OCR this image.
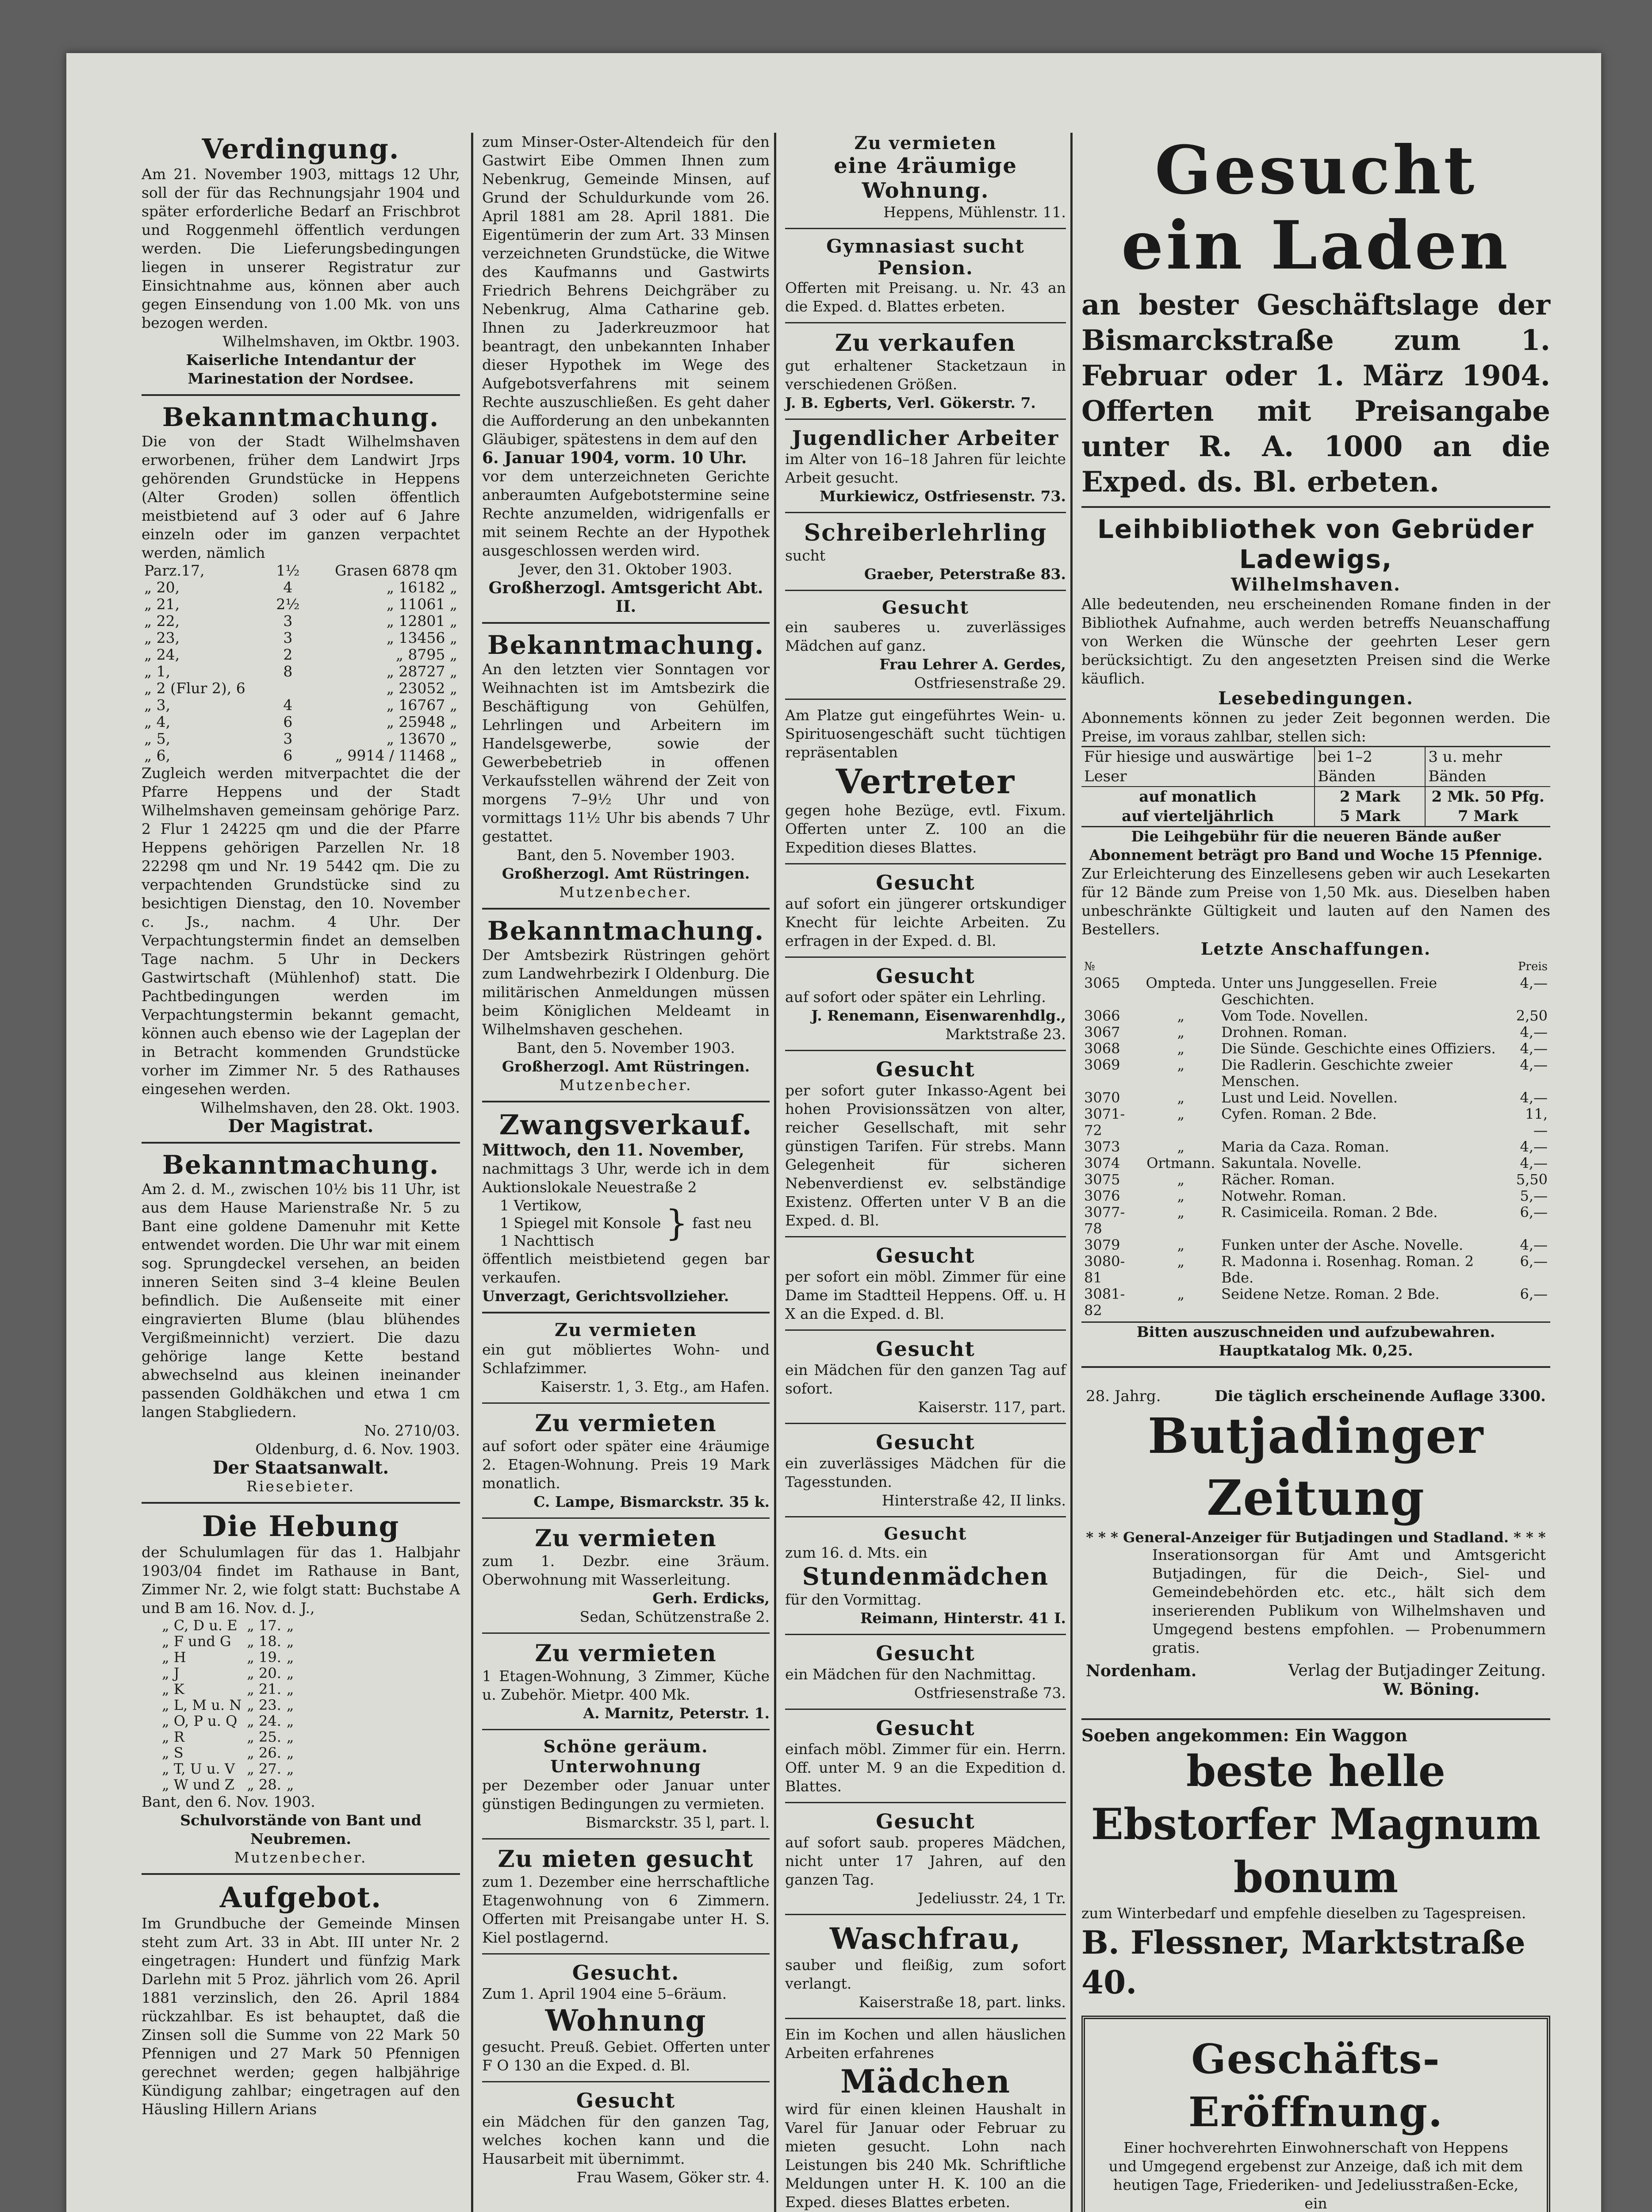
Verdingung.

Am 21. November 1903, mittags 12 Uhr, soll der für das Rechnungsjahr 1904 und später erforderliche Bedarf an Frischbrot und Roggenmehl öffentlich verdungen werden. Die Lieferungsbedingungen liegen in unserer Registratur zur Einsichtnahme aus, können aber auch gegen Einsendung von 1.00 Mk. von uns bezogen werden.

Wilhelmshaven, im Oktbr. 1903.

Kaiserliche Intendantur der Marinestation der Nordsee.

Bekanntmachung.

Die von der Stadt Wilhelmshaven erworbenen, früher dem Landwirt Jrps gehörenden Grundstücke in Heppens (Alter Groden) sollen öffentlich meistbietend auf 3 oder auf 6 Jahre einzeln oder im ganzen verpachtet werden, nämlich

Parz.17,	1½	Grasen 6878 qm
„ 20,	4	„ 16182 „
„ 21,	2½	„ 11061 „
„ 22,	3	„ 12801 „
„ 23,	3	„ 13456 „
„ 24,	2	„ 8795 „
„ 1,	8	„ 28727 „
„ 2 (Flur 2), 6		„ 23052 „
„ 3,	4	„ 16767 „
„ 4,	6	„ 25948 „
„ 5,	3	„ 13670 „
„ 6,	6	„ 9914 / 11468 „

Zugleich werden mitverpachtet die der Pfarre Heppens und der Stadt Wilhelmshaven gemeinsam gehörige Parz. 2 Flur 1 24225 qm und die der Pfarre Heppens gehörigen Parzellen Nr. 18 22298 qm und Nr. 19 5442 qm. Die zu verpachtenden Grundstücke sind zu besichtigen Dienstag, den 10. November c. Js., nachm. 4 Uhr. Der Verpachtungstermin findet an demselben Tage nachm. 5 Uhr in Deckers Gastwirtschaft (Mühlenhof) statt. Die Pachtbedingungen werden im Verpachtungstermin bekannt gemacht, können auch ebenso wie der Lageplan der in Betracht kommenden Grundstücke vorher im Zimmer Nr. 5 des Rathauses eingesehen werden.

Wilhelmshaven, den 28. Okt. 1903.

Der Magistrat.

Bekanntmachung.

Am 2. d. M., zwischen 10½ bis 11 Uhr, ist aus dem Hause Marienstraße Nr. 5 zu Bant eine goldene Damenuhr mit Kette entwendet worden. Die Uhr war mit einem sog. Sprungdeckel versehen, an beiden inneren Seiten sind 3–4 kleine Beulen befindlich. Die Außenseite mit einer eingravierten Blume (blau blühendes Vergißmeinnicht) verziert. Die dazu gehörige lange Kette bestand abwechselnd aus kleinen ineinander passenden Goldhäkchen und etwa 1 cm langen Stabgliedern.

No. 2710/03.

Oldenburg, d. 6. Nov. 1903.

Der Staatsanwalt.

Riesebieter.

Die Hebung

der Schulumlagen für das 1. Halbjahr 1903/04 findet im Rathause in Bant, Zimmer Nr. 2, wie folgt statt: Buchstabe A und B am 16. Nov. d. J.,

„ C, D u. E	„ 17.	„
„ F und G	„ 18.	„
„ H	„ 19.	„
„ J	„ 20.	„
„ K	„ 21.	„
„ L, M u. N	„ 23.	„
„ O, P u. Q	„ 24.	„
„ R	„ 25.	„
„ S	„ 26.	„
„ T, U u. V	„ 27.	„
„ W und Z	„ 28.	„

Bant, den 6. Nov. 1903.

Schulvorstände von Bant und Neubremen.

Mutzenbecher.

Aufgebot.

Im Grundbuche der Gemeinde Minsen steht zum Art. 33 in Abt. III unter Nr. 2 eingetragen: Hundert und fünfzig Mark Darlehn mit 5 Proz. jährlich vom 26. April 1881 verzinslich, den 26. April 1884 rückzahlbar. Es ist behauptet, daß die Zinsen soll die Summe von 22 Mark 50 Pfennigen und 27 Mark 50 Pfennigen gerechnet werden; gegen halbjährige Kündigung zahlbar; eingetragen auf den Häusling Hillern Arians

zum Minser-Oster-Altendeich für den Gastwirt Eibe Ommen Ihnen zum Nebenkrug, Gemeinde Minsen, auf Grund der Schuldurkunde vom 26. April 1881 am 28. April 1881. Die Eigentümerin der zum Art. 33 Minsen verzeichneten Grundstücke, die Witwe des Kaufmanns und Gastwirts Friedrich Behrens Deichgräber zu Nebenkrug, Alma Catharine geb. Ihnen zu Jaderkreuzmoor hat beantragt, den unbekannten Inhaber dieser Hypothek im Wege des Aufgebotsverfahrens mit seinem Rechte auszuschließen. Es geht daher die Aufforderung an den unbekannten Gläubiger, spätestens in dem auf den

6. Januar 1904, vorm. 10 Uhr.

vor dem unterzeichneten Gerichte anberaumten Aufgebotstermine seine Rechte anzumelden, widrigenfalls er mit seinem Rechte an der Hypothek ausgeschlossen werden wird.

Jever, den 31. Oktober 1903.

Großherzogl. Amtsgericht Abt. II.

Bekanntmachung.

An den letzten vier Sonntagen vor Weihnachten ist im Amtsbezirk die Beschäftigung von Gehülfen, Lehrlingen und Arbeitern im Handelsgewerbe, sowie der Gewerbebetrieb in offenen Verkaufsstellen während der Zeit von morgens 7–9½ Uhr und von vormittags 11½ Uhr bis abends 7 Uhr gestattet.

Bant, den 5. November 1903.

Großherzogl. Amt Rüstringen.

Mutzenbecher.

Bekanntmachung.

Der Amtsbezirk Rüstringen gehört zum Landwehrbezirk I Oldenburg. Die militärischen Anmeldungen müssen beim Königlichen Meldeamt in Wilhelmshaven geschehen.

Bant, den 5. November 1903.

Großherzogl. Amt Rüstringen.

Mutzenbecher.

Zwangsverkauf.

Mittwoch, den 11. November,

nachmittags 3 Uhr, werde ich in dem Auktionslokale Neuestraße 2

1 Vertikow,
1 Spiegel mit Konsole
1 Nachttisch	} fast neu

öffentlich meistbietend gegen bar verkaufen.

Unverzagt, Gerichtsvollzieher.

Zu vermieten

ein gut möbliertes Wohn- und Schlafzimmer.

Kaiserstr. 1, 3. Etg., am Hafen.

Zu vermieten

auf sofort oder später eine 4räumige 2. Etagen-Wohnung. Preis 19 Mark monatlich.

C. Lampe, Bismarckstr. 35 k.

Zu vermieten

zum 1. Dezbr. eine 3räum. Oberwohnung mit Wasserleitung.

Gerh. Erdicks,

Sedan, Schützenstraße 2.

Zu vermieten

1 Etagen-Wohnung, 3 Zimmer, Küche u. Zubehör. Mietpr. 400 Mk.

A. Marnitz, Peterstr. 1.

Schöne geräum. Unterwohnung

per Dezember oder Januar unter günstigen Bedingungen zu vermieten.

Bismarckstr. 35 l, part. l.

Zu mieten gesucht

zum 1. Dezember eine herrschaftliche Etagenwohnung von 6 Zimmern. Offerten mit Preisangabe unter H. S. Kiel postlagernd.

Gesucht.

Zum 1. April 1904 eine 5–6räum.

Wohnung

gesucht. Preuß. Gebiet. Offerten unter F O 130 an die Exped. d. Bl.

Gesucht

ein Mädchen für den ganzen Tag, welches kochen kann und die Hausarbeit mit übernimmt.

Frau Wasem, Göker str. 4.

Zu vermieten
eine 4räumige Wohnung.

Heppens, Mühlenstr. 11.

Gymnasiast sucht Pension.

Offerten mit Preisang. u. Nr. 43 an die Exped. d. Blattes erbeten.

Zu verkaufen

gut erhaltener Stacketzaun in verschiedenen Größen.

J. B. Egberts, Verl. Gökerstr. 7.

Jugendlicher Arbeiter

im Alter von 16–18 Jahren für leichte Arbeit gesucht.

Murkiewicz, Ostfriesenstr. 73.

Schreiberlehrling

sucht

Graeber, Peterstraße 83.

Gesucht

ein sauberes u. zuverlässiges Mädchen auf ganz.

Frau Lehrer A. Gerdes,

Ostfriesenstraße 29.

Am Platze gut eingeführtes Wein- u. Spirituosengeschäft sucht tüchtigen repräsentablen

Vertreter

gegen hohe Bezüge, evtl. Fixum. Offerten unter Z. 100 an die Expedition dieses Blattes.

Gesucht

auf sofort ein jüngerer ortskundiger Knecht für leichte Arbeiten. Zu erfragen in der Exped. d. Bl.

Gesucht

auf sofort oder später ein Lehrling.

J. Renemann, Eisenwarenhdlg.,

Marktstraße 23.

Gesucht

per sofort guter Inkasso-Agent bei hohen Provisionssätzen von alter, reicher Gesellschaft, mit sehr günstigen Tarifen. Für strebs. Mann Gelegenheit für sicheren Nebenverdienst ev. selbständige Existenz. Offerten unter V B an die Exped. d. Bl.

Gesucht

per sofort ein möbl. Zimmer für eine Dame im Stadtteil Heppens. Off. u. H X an die Exped. d. Bl.

Gesucht

ein Mädchen für den ganzen Tag auf sofort.

Kaiserstr. 117, part.

Gesucht

ein zuverlässiges Mädchen für die Tagesstunden.

Hinterstraße 42, II links.

Gesucht

zum 16. d. Mts. ein

Stundenmädchen

für den Vormittag.

Reimann, Hinterstr. 41 I.

Gesucht

ein Mädchen für den Nachmittag.

Ostfriesenstraße 73.

Gesucht

einfach möbl. Zimmer für ein. Herrn. Off. unter M. 9 an die Expedition d. Blattes.

Gesucht

auf sofort saub. properes Mädchen, nicht unter 17 Jahren, auf den ganzen Tag.

Jedeliusstr. 24, 1 Tr.

Waschfrau,

sauber und fleißig, zum sofort verlangt.

Kaiserstraße 18, part. links.

Ein im Kochen und allen häuslichen Arbeiten erfahrenes

Mädchen

wird für einen kleinen Haushalt in Varel für Januar oder Februar zu mieten gesucht. Lohn nach Leistungen bis 240 Mk. Schriftliche Meldungen unter H. K. 100 an die Exped. dieses Blattes erbeten.

Gesucht ein Laden

an bester Geschäftslage der Bismarckstraße zum 1. Februar oder 1. März 1904. Offerten mit Preisangabe unter R. A. 1000 an die Exped. ds. Bl. erbeten.

Leihbibliothek von Gebrüder Ladewigs,
Wilhelmshaven.

Alle bedeutenden, neu erscheinenden Romane finden in der Bibliothek Aufnahme, auch werden betreffs Neuanschaffung von Werken die Wünsche der geehrten Leser gern berücksichtigt. Zu den angesetzten Preisen sind die Werke käuflich.

Lesebedingungen.

Abonnements können zu jeder Zeit begonnen werden. Die Preise, im voraus zahlbar, stellen sich:

Für hiesige und auswärtige Leser	bei 1–2 Bänden	3 u. mehr Bänden
auf monatlich	2 Mark	2 Mk. 50 Pfg.
auf vierteljährlich	5 Mark	7 Mark

Die Leihgebühr für die neueren Bände außer Abonnement beträgt pro Band und Woche 15 Pfennige.

Zur Erleichterung des Einzellesens geben wir auch Lesekarten für 12 Bände zum Preise von 1,50 Mk. aus. Dieselben haben unbeschränkte Gültigkeit und lauten auf den Namen des Bestellers.

Letzte Anschaffungen.
№			Preis
3065	Ompteda.	Unter uns Junggesellen. Freie Geschichten.	4,—
3066	„	Vom Tode. Novellen.	2,50
3067	„	Drohnen. Roman.	4,—
3068	„	Die Sünde. Geschichte eines Offiziers.	4,—
3069	„	Die Radlerin. Geschichte zweier Menschen.	4,—
3070	„	Lust und Leid. Novellen.	4,—
3071-72	„	Cyfen. Roman. 2 Bde.	11,—
3073	„	Maria da Caza. Roman.	4,—
3074	Ortmann.	Sakuntala. Novelle.	4,—
3075	„	Rächer. Roman.	5,50
3076	„	Notwehr. Roman.	5,—
3077-78	„	R. Casimiceila. Roman. 2 Bde.	6,—
3079	„	Funken unter der Asche. Novelle.	4,—
3080-81	„	R. Madonna i. Rosenhag. Roman. 2 Bde.	6,—
3081-82	„	Seidene Netze. Roman. 2 Bde.	6,—

Bitten auszuschneiden und aufzubewahren.

Hauptkatalog Mk. 0,25.

28. Jahrg.	Die täglich erscheinende Auflage 3300.
Butjadinger Zeitung
* * * General-Anzeiger für Butjadingen und Stadland. * * *

Inserationsorgan für Amt und Amtsgericht Butjadingen, für die Deich-, Siel- und Gemeindebehörden etc. etc., hält sich dem inserierenden Publikum von Wilhelmshaven und Umgegend bestens empfohlen. — Probenummern gratis.

Nordenham.	Verlag der Butjadinger Zeitung.
W. Böning.

Soeben angekommen: Ein Waggon

beste helle Ebstorfer Magnum bonum

zum Winterbedarf und empfehle dieselben zu Tagespreisen.

B. Flessner, Marktstraße 40.
Geschäfts-Eröffnung.

Einer hochverehrten Einwohnerschaft von Heppens und Umgegend ergebenst zur Anzeige, daß ich mit dem heutigen Tage, Friederiken- und Jedeliusstraßen-Ecke, ein
